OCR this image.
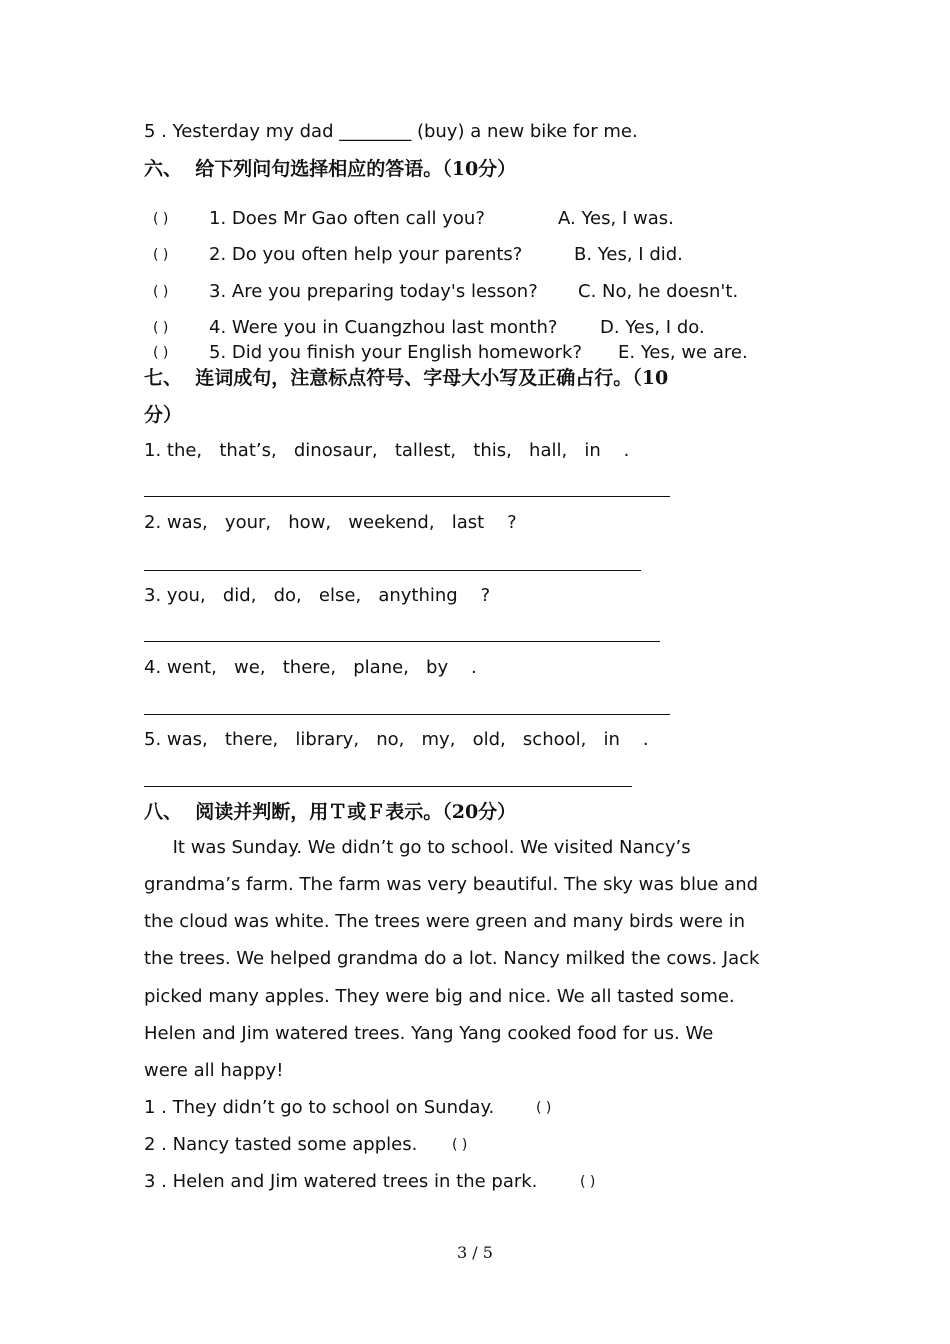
5 . Yesterday my dad ________ (buy) a new bike for me.
六、  给下列问句选择相应的答语。（10分）
( ) 1. Does Mr Gao often call you?	A. Yes, I was.
( ) 2. Do you often help your parents?	B. Yes, I did.
( ) 3. Are you preparing today's lesson? C. No, he doesn't.
( ) 4. Were you in Cuangzhou last month? D. Yes, I do.
( ) 5. Did you finish your English homework? E. Yes, we are.
七、  连词成句，注意标点符号、字母大小写及正确占行。（10
分）
1. the,   that’s,   dinosaur,   tallest,   this,   hall,   in    .
2. was,   your,   how,   weekend,   last    ?
3. you,   did,   do,   else,   anything    ?
4. went,   we,   there,   plane,   by    .
5. was,   there,   library,   no,   my,   old,   school,   in    .
八、  阅读并判断，用Ｔ或Ｆ表示。（20分）
It was Sunday. We didn’t go to school. We visited Nancy’s
grandma’s farm. The farm was very beautiful. The sky was blue and
the cloud was white. The trees were green and many birds were in
the trees. We helped grandma do a lot. Nancy milked the cows. Jack
picked many apples. They were big and nice. We all tasted some.
Helen and Jim watered trees. Yang Yang cooked food for us. We
were all happy!
1 . They didn’t go to school on Sunday.	( )
2 . Nancy tasted some apples. ( )
3 . Helen and Jim watered trees in the park.	( )
3 / 5
